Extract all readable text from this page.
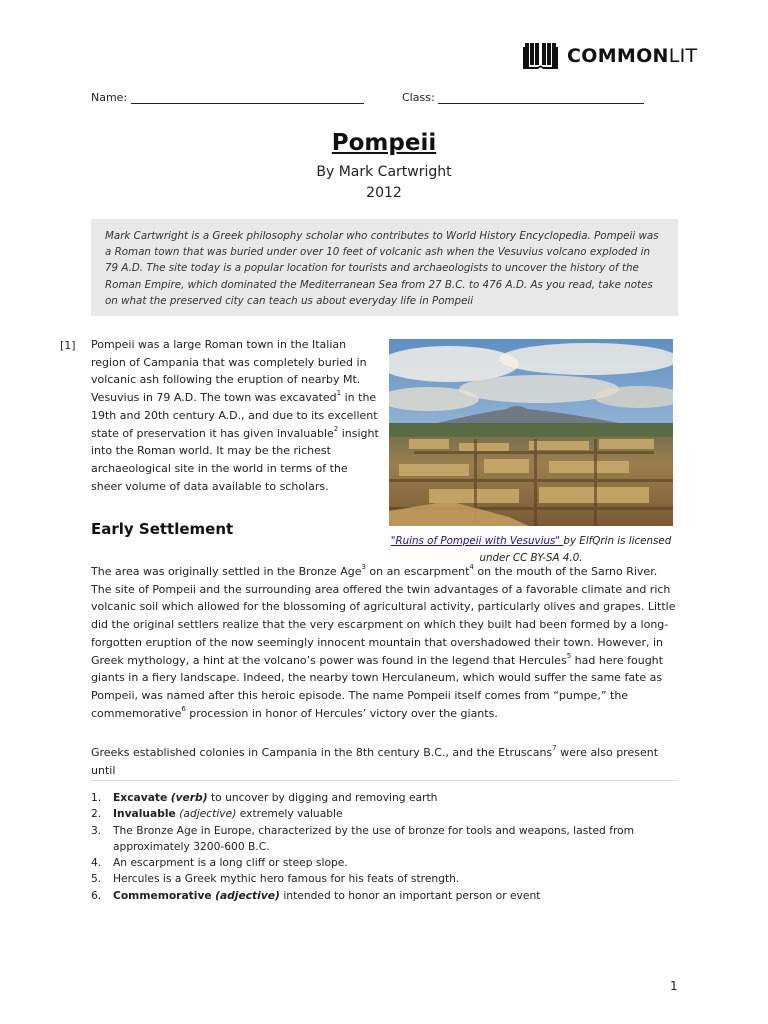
COMMONLIT
Name:	Class:
Pompeii
By Mark Cartwright
2012
Mark Cartwright is a Greek philosophy scholar who contributes to World History Encyclopedia. Pompeii was a Roman town that was buried under over 10 feet of volcanic ash when the Vesuvius volcano exploded in 79 A.D. The site today is a popular location for tourists and archaeologists to uncover the history of the Roman Empire, which dominated the Mediterranean Sea from 27 B.C. to 476 A.D. As you read, take notes on what the preserved city can teach us about everyday life in Pompeii
[1] Pompeii was a large Roman town in the Italian region of Campania that was completely buried in volcanic ash following the eruption of nearby Mt. Vesuvius in 79 A.D. The town was excavated$^1$ in the 19th and 20th century A.D., and due to its excellent state of preservation it has given invaluable$^2$ insight into the Roman world. It may be the richest archaeological site in the world in terms of the sheer volume of data available to scholars.
"Ruins of Pompeii with Vesuvius" by ElfQrin is licensed under CC BY-SA 4.0.
Early Settlement
The area was originally settled in the Bronze Age$^3$ on an escarpment$^4$ on the mouth of the Sarno River. The site of Pompeii and the surrounding area offered the twin advantages of a favorable climate and rich volcanic soil which allowed for the blossoming of agricultural activity, particularly olives and grapes. Little did the original settlers realize that the very escarpment on which they built had been formed by a long-forgotten eruption of the now seemingly innocent mountain that overshadowed their town. However, in Greek mythology, a hint at the volcano’s power was found in the legend that Hercules$^5$ had here fought giants in a fiery landscape. Indeed, the nearby town Herculaneum, which would suffer the same fate as Pompeii, was named after this heroic episode. The name Pompeii itself comes from “pumpe,” the commemorative$^6$ procession in honor of Hercules’ victory over the giants.
Greeks established colonies in Campania in the 8th century B.C., and the Etruscans$^7$ were also present until
1.	Excavate (verb) to uncover by digging and removing earth
2.	Invaluable (adjective) extremely valuable
3.	The Bronze Age in Europe, characterized by the use of bronze for tools and weapons, lasted from approximately 3200-600 B.C.
4.	An escarpment is a long cliff or steep slope.
5.	Hercules is a Greek mythic hero famous for his feats of strength.
6.	Commemorative (adjective) intended to honor an important person or event
1
